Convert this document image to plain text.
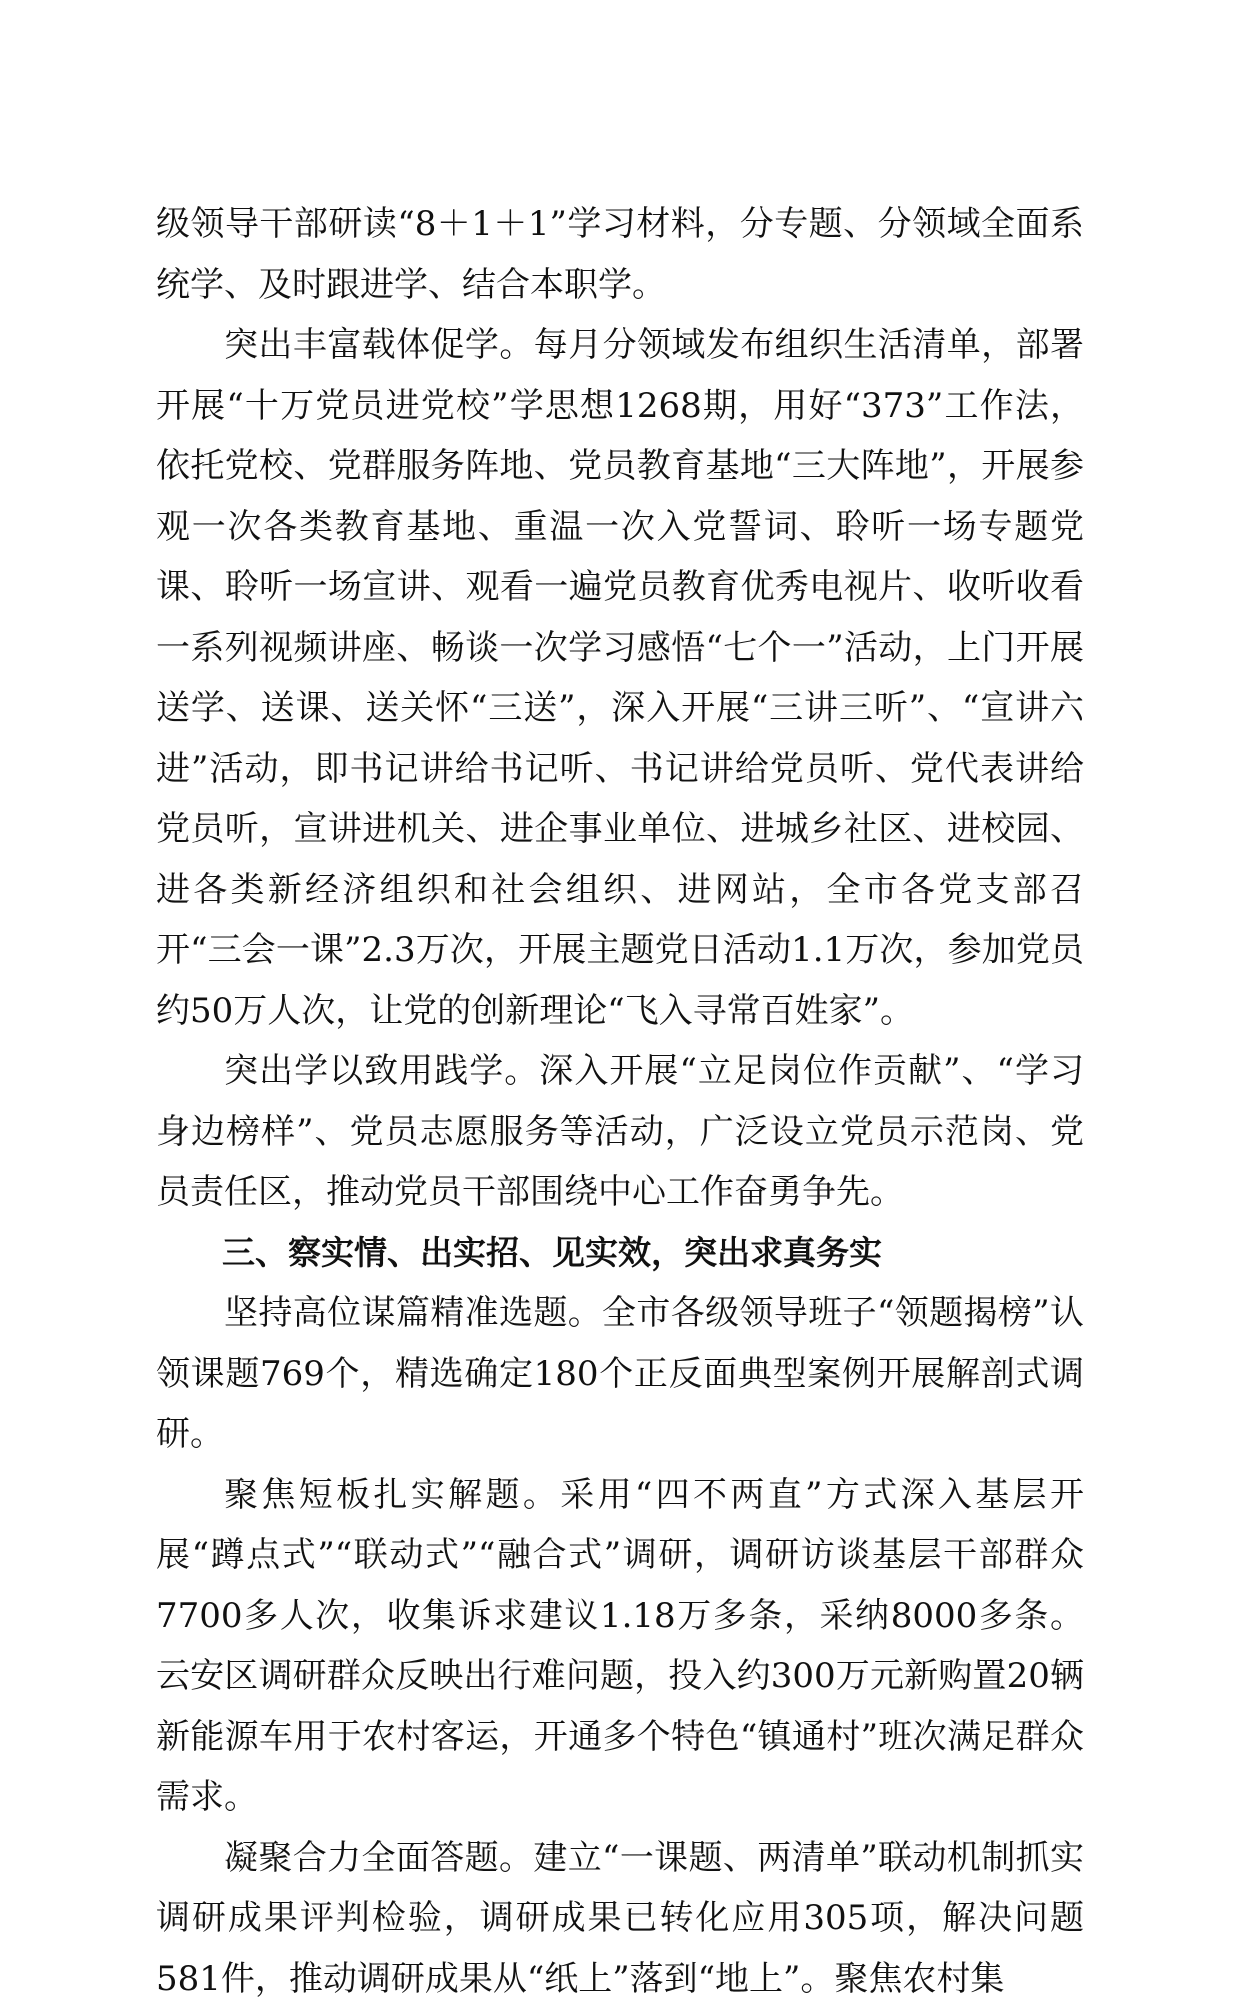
级领导干部研读“8＋1＋1”学习材料，分专题、分领域全面系统学、及时跟进学、结合本职学。

突出丰富载体促学。每月分领域发布组织生活清单，部署开展“十万党员进党校”学思想1268期，用好“373”工作法，依托党校、党群服务阵地、党员教育基地“三大阵地”，开展参观一次各类教育基地、重温一次入党誓词、聆听一场专题党课、聆听一场宣讲、观看一遍党员教育优秀电视片、收听收看一系列视频讲座、畅谈一次学习感悟“七个一”活动，上门开展送学、送课、送关怀“三送”，深入开展“三讲三听”、“宣讲六进”活动，即书记讲给书记听、书记讲给党员听、党代表讲给党员听，宣讲进机关、进企事业单位、进城乡社区、进校园、进各类新经济组织和社会组织、进网站，全市各党支部召开“三会一课”2.3万次，开展主题党日活动1.1万次，参加党员约50万人次，让党的创新理论“飞入寻常百姓家”。

突出学以致用践学。深入开展“立足岗位作贡献”、“学习身边榜样”、党员志愿服务等活动，广泛设立党员示范岗、党员责任区，推动党员干部围绕中心工作奋勇争先。

三、察实情、出实招、见实效，突出求真务实

坚持高位谋篇精准选题。全市各级领导班子“领题揭榜”认领课题769个，精选确定180个正反面典型案例开展解剖式调研。

聚焦短板扎实解题。采用“四不两直”方式深入基层开展“蹲点式”“联动式”“融合式”调研，调研访谈基层干部群众7700多人次，收集诉求建议1.18万多条，采纳8000多条。云安区调研群众反映出行难问题，投入约300万元新购置20辆新能源车用于农村客运，开通多个特色“镇通村”班次满足群众需求。

凝聚合力全面答题。建立“一课题、两清单”联动机制抓实调研成果评判检验，调研成果已转化应用305项，解决问题581件，推动调研成果从“纸上”落到“地上”。聚焦农村集
